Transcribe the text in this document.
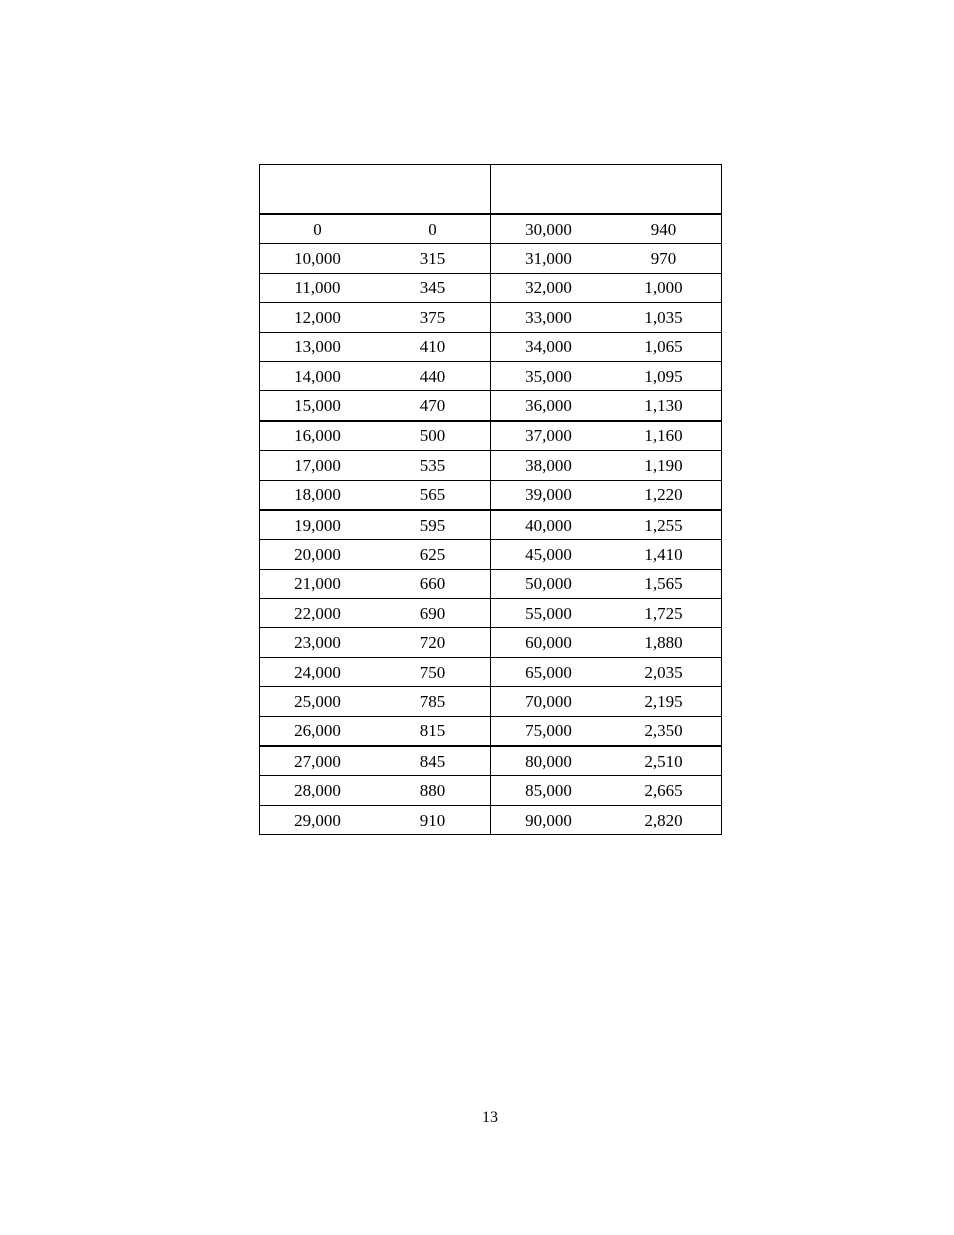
0	0	30,000	940
10,000	315	31,000	970
11,000	345	32,000	1,000
12,000	375	33,000	1,035
13,000	410	34,000	1,065
14,000	440	35,000	1,095
15,000	470	36,000	1,130
16,000	500	37,000	1,160
17,000	535	38,000	1,190
18,000	565	39,000	1,220
19,000	595	40,000	1,255
20,000	625	45,000	1,410
21,000	660	50,000	1,565
22,000	690	55,000	1,725
23,000	720	60,000	1,880
24,000	750	65,000	2,035
25,000	785	70,000	2,195
26,000	815	75,000	2,350
27,000	845	80,000	2,510
28,000	880	85,000	2,665
29,000	910	90,000	2,820
13
